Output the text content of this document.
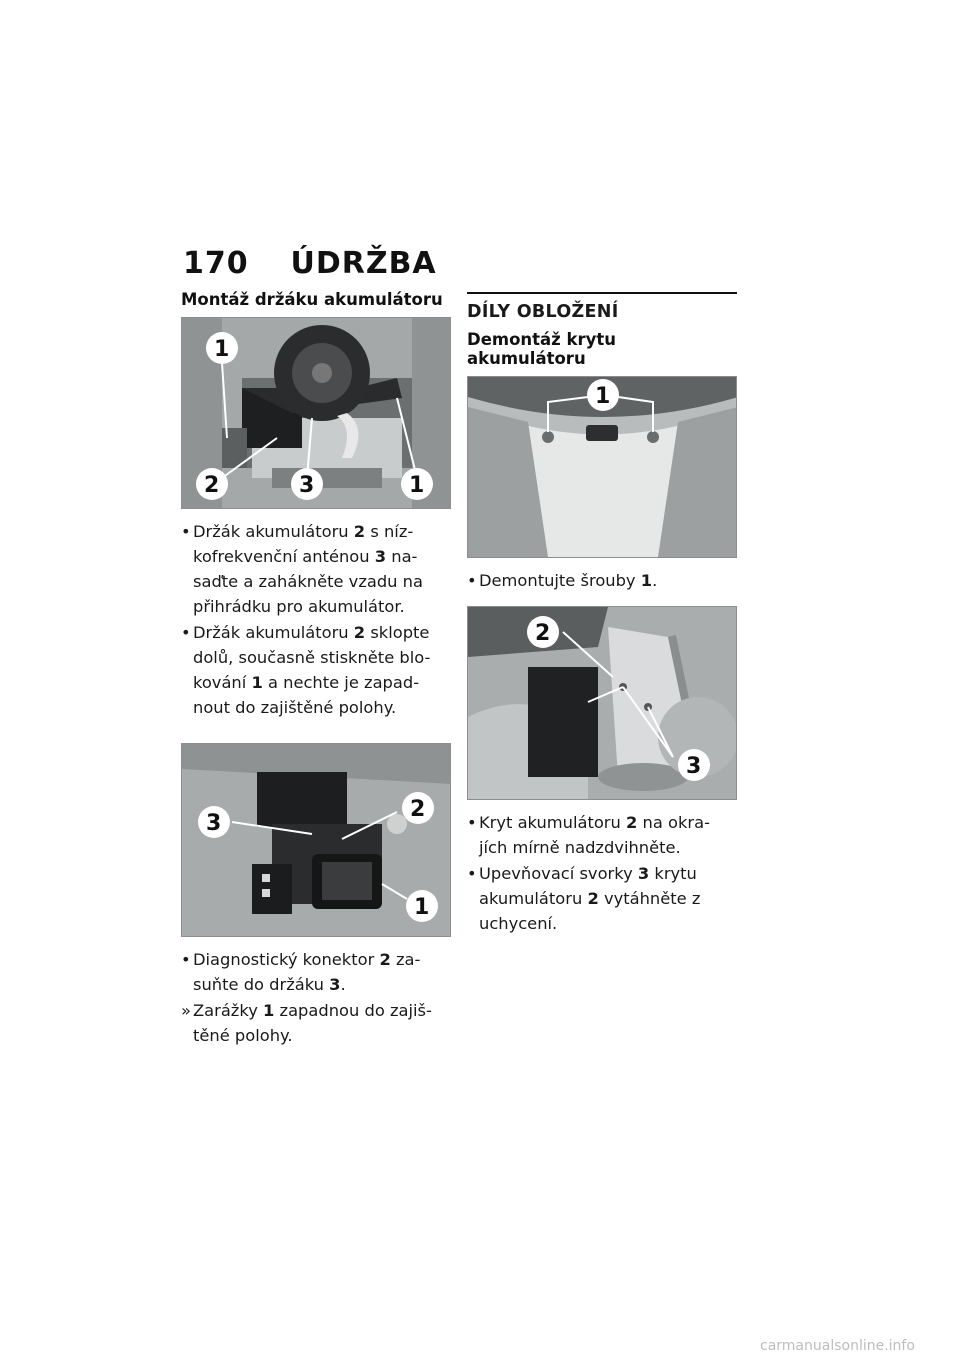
170 ÚDRŽBA
Montáž držáku akumulátoru
1
2	3	1
• Držák akumulátoru 2 s níz-kofrekvenční anténou 3 na-saďte a zahákněte vzadu na přihrádku pro akumulátor.
• Držák akumulátoru 2 sklopte dolů, současně stiskněte blo-kování 1 a nechte je zapad-nout do zajištěné polohy.
3
2
1
• Diagnostický konektor 2 za-suňte do držáku 3.
» Zarážky 1 zapadnou do zajiš-těné polohy.
DÍLY OBLOŽENÍ
Demontáž krytu akumulátoru
1
• Demontujte šrouby 1.
2
3
• Kryt akumulátoru 2 na okra-jích mírně nadzdvihněte.
• Upevňovací svorky 3 krytu akumulátoru 2 vytáhněte z uchycení.
carmanualsonline.info
